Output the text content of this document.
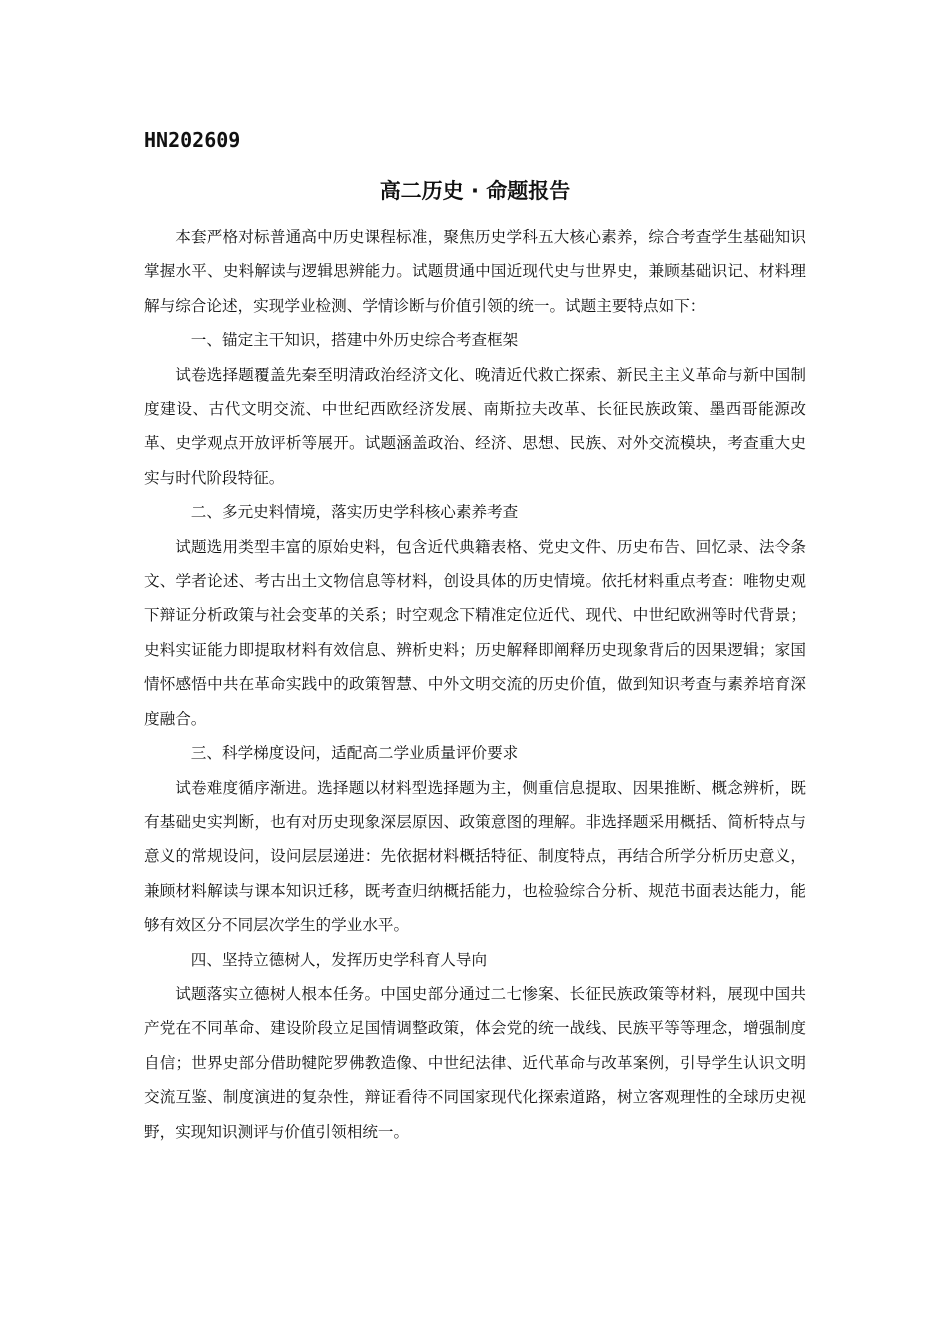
HN202609
高二历史 · 命题报告

本套严格对标普通高中历史课程标准，聚焦历史学科五大核心素养，综合考查学生基础知识掌握水平、史料解读与逻辑思辨能力。试题贯通中国近现代史与世界史，兼顾基础识记、材料理解与综合论述，实现学业检测、学情诊断与价值引领的统一。试题主要特点如下：

一、锚定主干知识，搭建中外历史综合考查框架

试卷选择题覆盖先秦至明清政治经济文化、晚清近代救亡探索、新民主主义革命与新中国制度建设、古代文明交流、中世纪西欧经济发展、南斯拉夫改革、长征民族政策、墨西哥能源改革、史学观点开放评析等展开。试题涵盖政治、经济、思想、民族、对外交流模块，考查重大史实与时代阶段特征。

二、多元史料情境，落实历史学科核心素养考查

试题选用类型丰富的原始史料，包含近代典籍表格、党史文件、历史布告、回忆录、法令条文、学者论述、考古出土文物信息等材料，创设具体的历史情境。依托材料重点考查：唯物史观下辩证分析政策与社会变革的关系；时空观念下精准定位近代、现代、中世纪欧洲等时代背景；史料实证能力即提取材料有效信息、辨析史料；历史解释即阐释历史现象背后的因果逻辑；家国情怀感悟中共在革命实践中的政策智慧、中外文明交流的历史价值，做到知识考查与素养培育深度融合。

三、科学梯度设问，适配高二学业质量评价要求

试卷难度循序渐进。选择题以材料型选择题为主，侧重信息提取、因果推断、概念辨析，既有基础史实判断，也有对历史现象深层原因、政策意图的理解。非选择题采用概括、简析特点与意义的常规设问，设问层层递进：先依据材料概括特征、制度特点，再结合所学分析历史意义，兼顾材料解读与课本知识迁移，既考查归纳概括能力，也检验综合分析、规范书面表达能力，能够有效区分不同层次学生的学业水平。

四、坚持立德树人，发挥历史学科育人导向

试题落实立德树人根本任务。中国史部分通过二七惨案、长征民族政策等材料，展现中国共产党在不同革命、建设阶段立足国情调整政策，体会党的统一战线、民族平等等理念，增强制度自信；世界史部分借助犍陀罗佛教造像、中世纪法律、近代革命与改革案例，引导学生认识文明交流互鉴、制度演进的复杂性，辩证看待不同国家现代化探索道路，树立客观理性的全球历史视野，实现知识测评与价值引领相统一。
